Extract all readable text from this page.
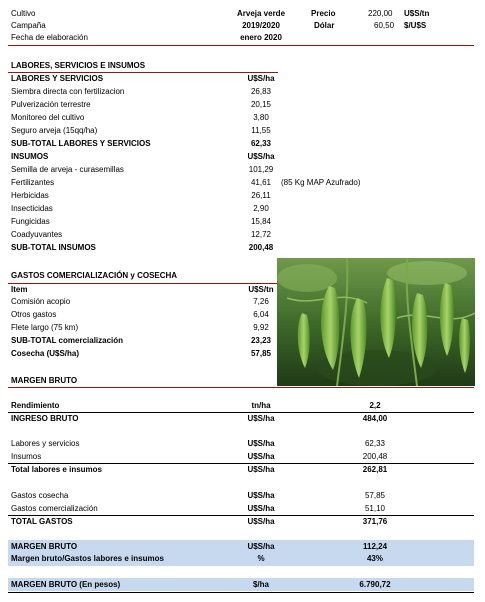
Cultivo	Arveja verde	Precio	220,00 U$S/tn
Campaña	2019/2020	Dólar	60,50 $/U$S
Fecha de elaboración	enero 2020
LABORES, SERVICIOS E INSUMOS
LABORES Y SERVICIOS	U$S/ha
Siembra directa con fertilizacion	26,83
Pulverización terrestre	20,15
Monitoreo del cultivo	3,80
Seguro arveja (15qq/ha)	11,55
SUB-TOTAL LABORES Y SERVICIOS	62,33
INSUMOS	U$S/ha
Semilla de arveja - curasemillas	101,29
Fertilizantes	41,61	(85 Kg MAP Azufrado)
Herbicidas	26,11
Insecticidas	2,90
Fungicidas	15,84
Coadyuvantes	12,72
SUB-TOTAL INSUMOS	200,48
GASTOS COMERCIALIZACIÓN y COSECHA
Item	U$S/tn
Comisión acopio	7,26
Otros gastos	6,04
Flete largo (75 km)	9,92
SUB-TOTAL comercialización	23,23
Cosecha (U$S/ha)	57,85
MARGEN BRUTO
Rendimiento	tn/ha	2,2
INGRESO BRUTO	U$S/ha	484,00
Labores y servicios	U$S/ha	62,33
Insumos	U$S/ha	200,48
Total labores e insumos	U$S/ha	262,81
Gastos cosecha	U$S/ha	57,85
Gastos comercialización	U$S/ha	51,10
TOTAL GASTOS	U$S/ha	371,76
MARGEN BRUTO	U$S/ha	112,24
Margen bruto/Gastos labores e insumos	%	43%
MARGEN BRUTO (En pesos)	$/ha	6.790,72
